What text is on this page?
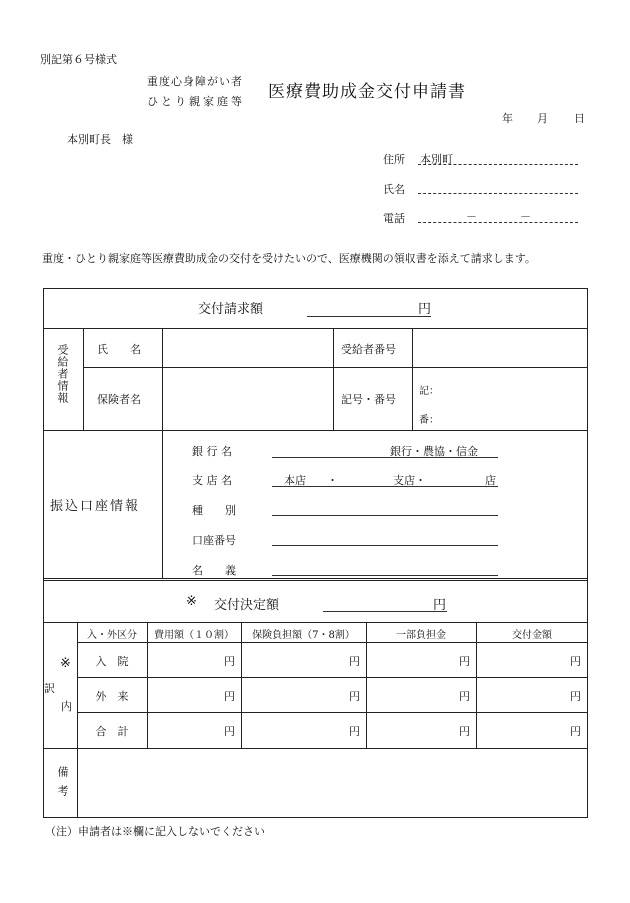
別記第６号様式
重度心身障がい者
ひとり親家庭等 医療費助成金交付申請書
年 月 日
本別町長　様
住所 本別町
氏名
電話	－	－
重度・ひとり親家庭等医療費助成金の交付を受けたいので、医療機関の領収書を添えて請求します。
交付請求額	円
受給者情報	氏　　名	受給者番号
保険者名	記号・番号
記：
番：
振込口座情報
銀 行 名	銀行・農協・信金
支 店 名	本店 ・	支店・	店
種　　別
口座番号
名　　義
※ 交付決定額	円
※
訳
内
入・外区分	費用額（１０割）	保険負担額（7・8割）	一部負担金	交付金額
入　院	円	円	円	円
外　来	円	円	円	円
合　計	円	円	円	円
備考
（注）申請者は※欄に記入しないでください
